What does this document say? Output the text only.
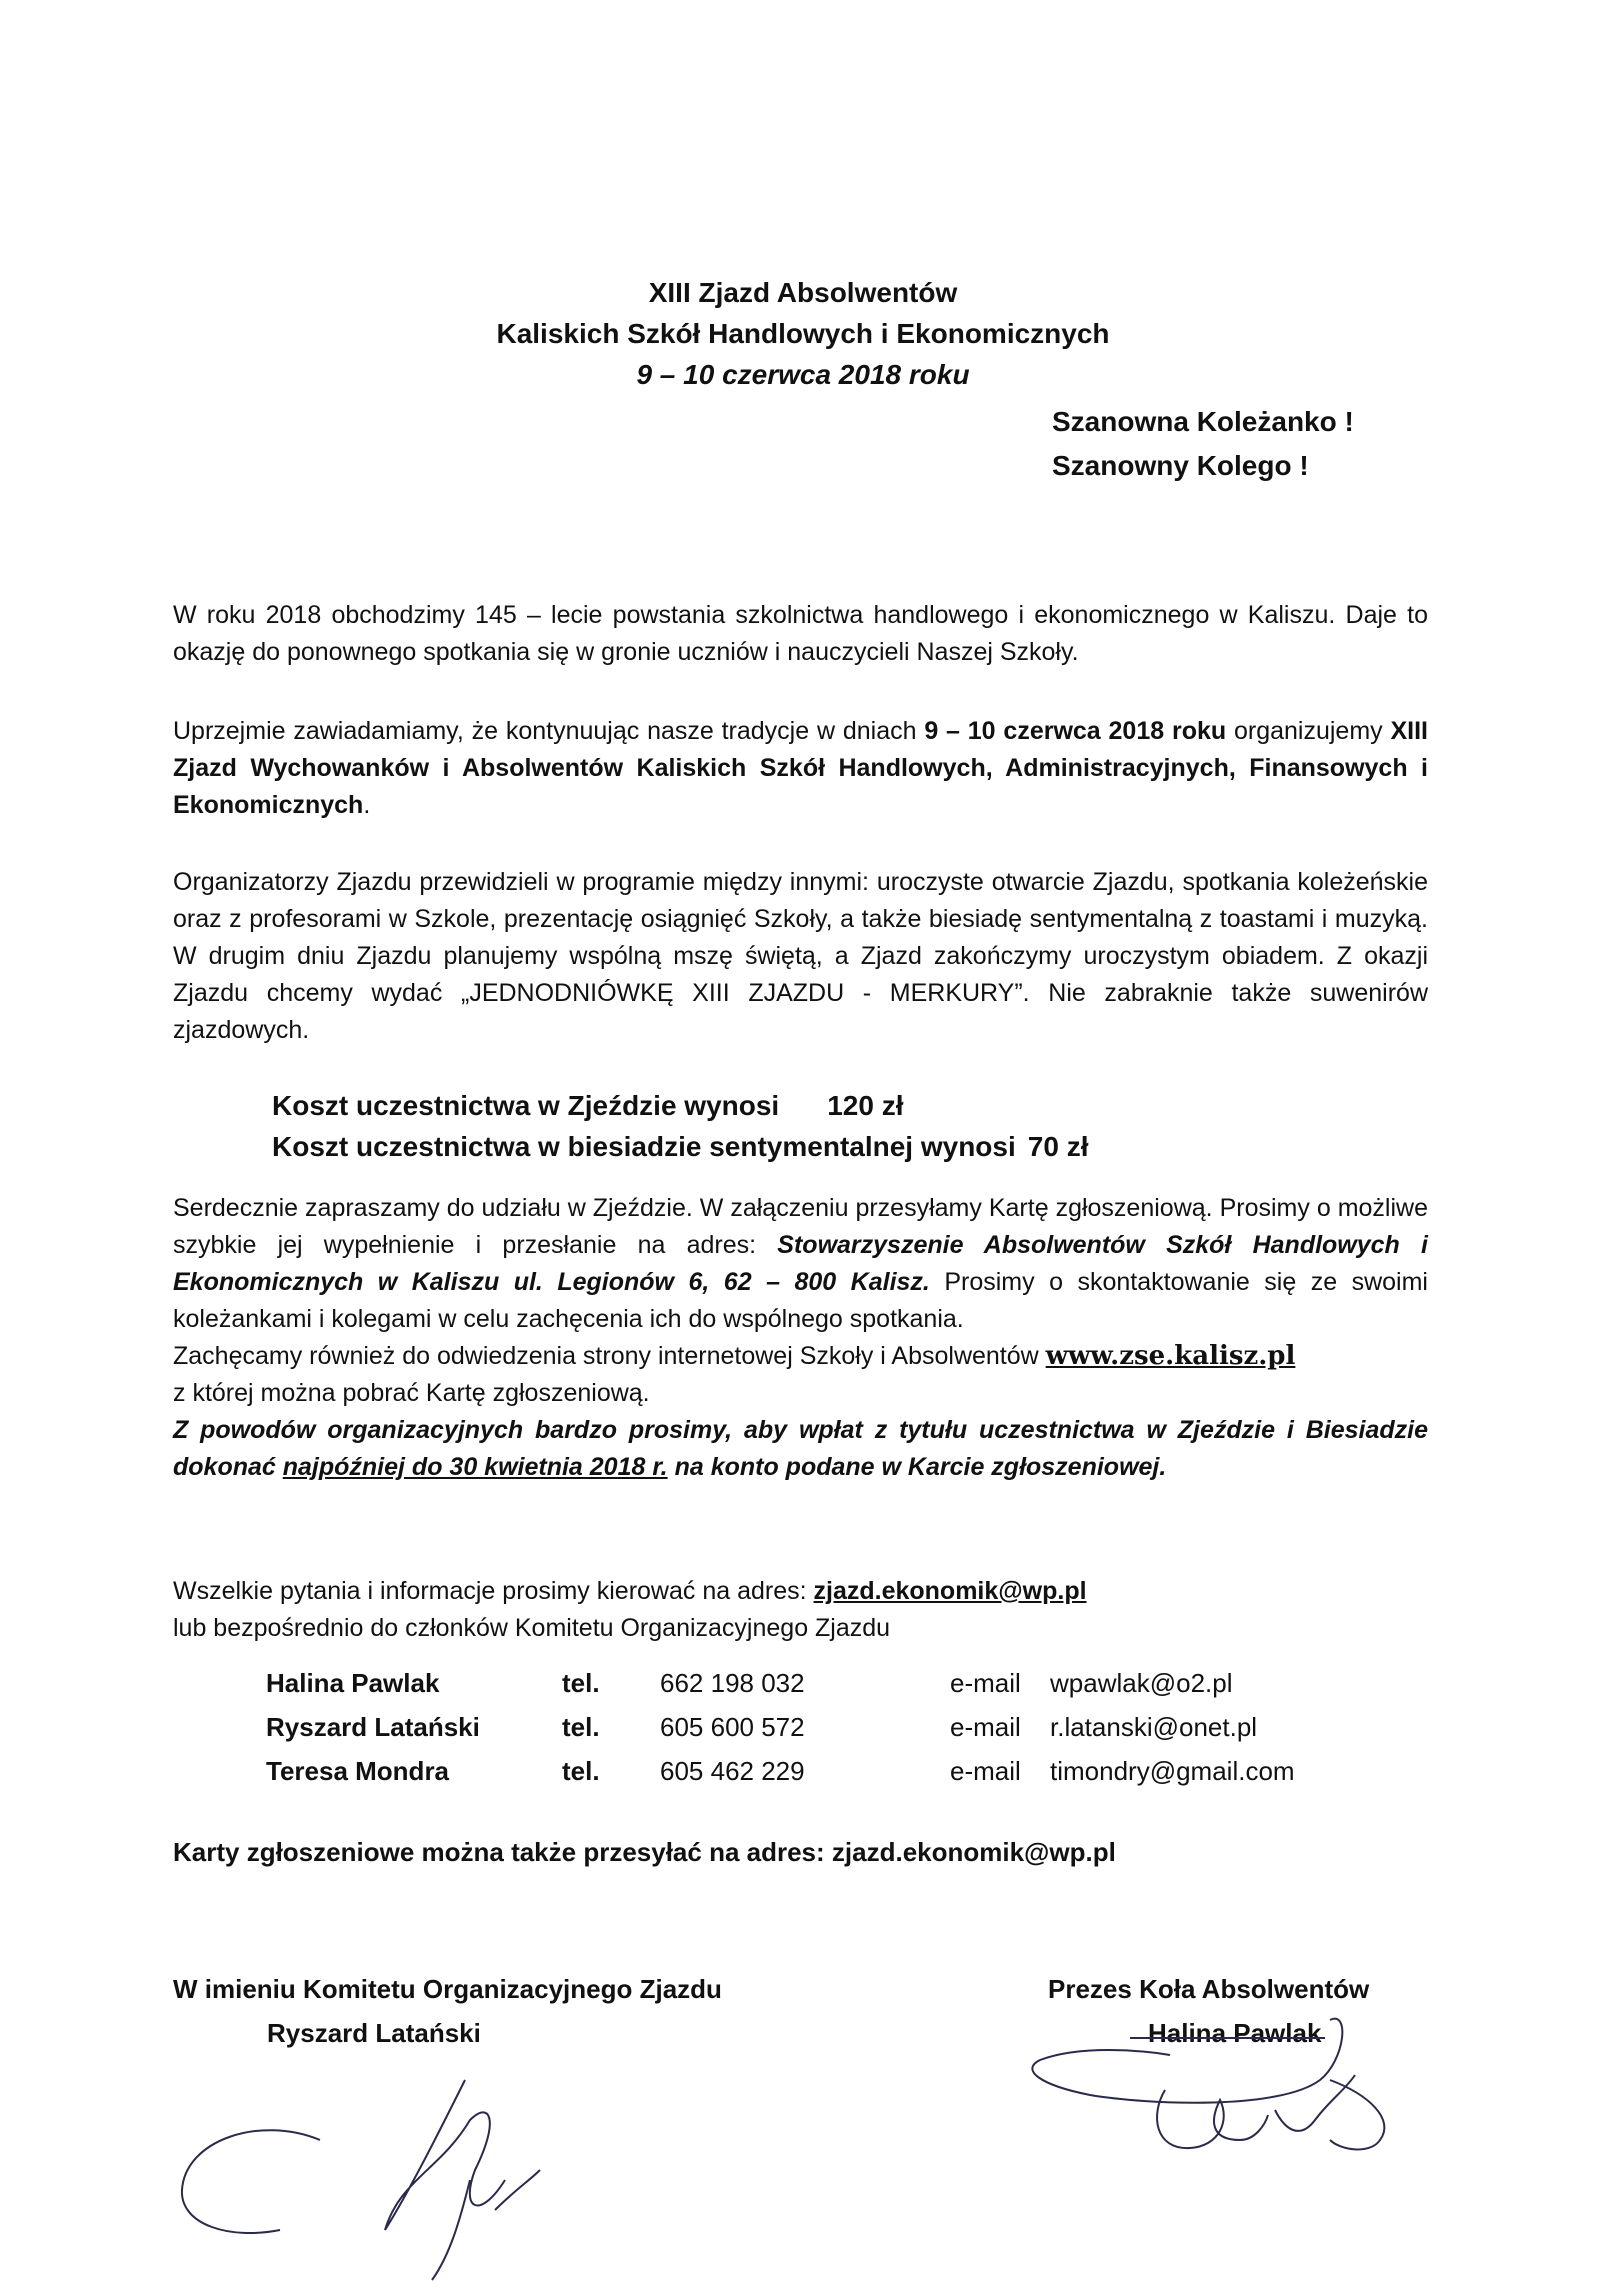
XIII Zjazd Absolwentów
Kaliskich Szkół Handlowych i Ekonomicznych
9 – 10 czerwca 2018 roku
Szanowna Koleżanko !
Szanowny Kolego !
W roku 2018 obchodzimy 145 – lecie powstania szkolnictwa handlowego i ekonomicznego w Kaliszu. Daje to okazję do ponownego spotkania się w gronie uczniów i nauczycieli Naszej Szkoły.
Uprzejmie zawiadamiamy, że kontynuując nasze tradycje w dniach 9 – 10 czerwca 2018 roku organizujemy XIII Zjazd Wychowanków i Absolwentów Kaliskich Szkół Handlowych, Administracyjnych, Finansowych i Ekonomicznych.
Organizatorzy Zjazdu przewidzieli w programie między innymi: uroczyste otwarcie Zjazdu, spotkania koleżeńskie oraz z profesorami w Szkole, prezentację osiągnięć Szkoły, a także biesiadę sentymentalną z toastami i muzyką. W drugim dniu Zjazdu planujemy wspólną mszę świętą, a Zjazd zakończymy uroczystym obiadem. Z okazji Zjazdu chcemy wydać „JEDNODNIÓWKĘ XIII ZJAZDU - MERKURY”. Nie zabraknie także suwenirów zjazdowych.
Koszt uczestnictwa w Zjeździe wynosi 120 zł
Koszt uczestnictwa w biesiadzie sentymentalnej wynosi 70 zł
Serdecznie zapraszamy do udziału w Zjeździe. W załączeniu przesyłamy Kartę zgłoszeniową. Prosimy o możliwe szybkie jej wypełnienie i przesłanie na adres: Stowarzyszenie Absolwentów Szkół Handlowych i Ekonomicznych w Kaliszu ul. Legionów 6, 62 – 800 Kalisz. Prosimy o skontaktowanie się ze swoimi koleżankami i kolegami w celu zachęcenia ich do wspólnego spotkania.
Zachęcamy również do odwiedzenia strony internetowej Szkoły i Absolwentów www.zse.kalisz.pl
z której można pobrać Kartę zgłoszeniową.
Z powodów organizacyjnych bardzo prosimy, aby wpłat z tytułu uczestnictwa w Zjeździe i Biesiadzie dokonać najpóźniej do 30 kwietnia 2018 r. na konto podane w Karcie zgłoszeniowej.
Wszelkie pytania i informacje prosimy kierować na adres: zjazd.ekonomik@wp.pl
lub bezpośrednio do członków Komitetu Organizacyjnego Zjazdu
Halina Pawlak	tel.	662 198 032	e-mail	wpawlak@o2.pl
Ryszard Latański	tel.	605 600 572	e-mail	r.latanski@onet.pl
Teresa Mondra	tel.	605 462 229	e-mail	timondry@gmail.com
Karty zgłoszeniowe można także przesyłać na adres: zjazd.ekonomik@wp.pl
W imieniu Komitetu Organizacyjnego Zjazdu
Ryszard Latański
Prezes Koła Absolwentów
Halina Pawlak
